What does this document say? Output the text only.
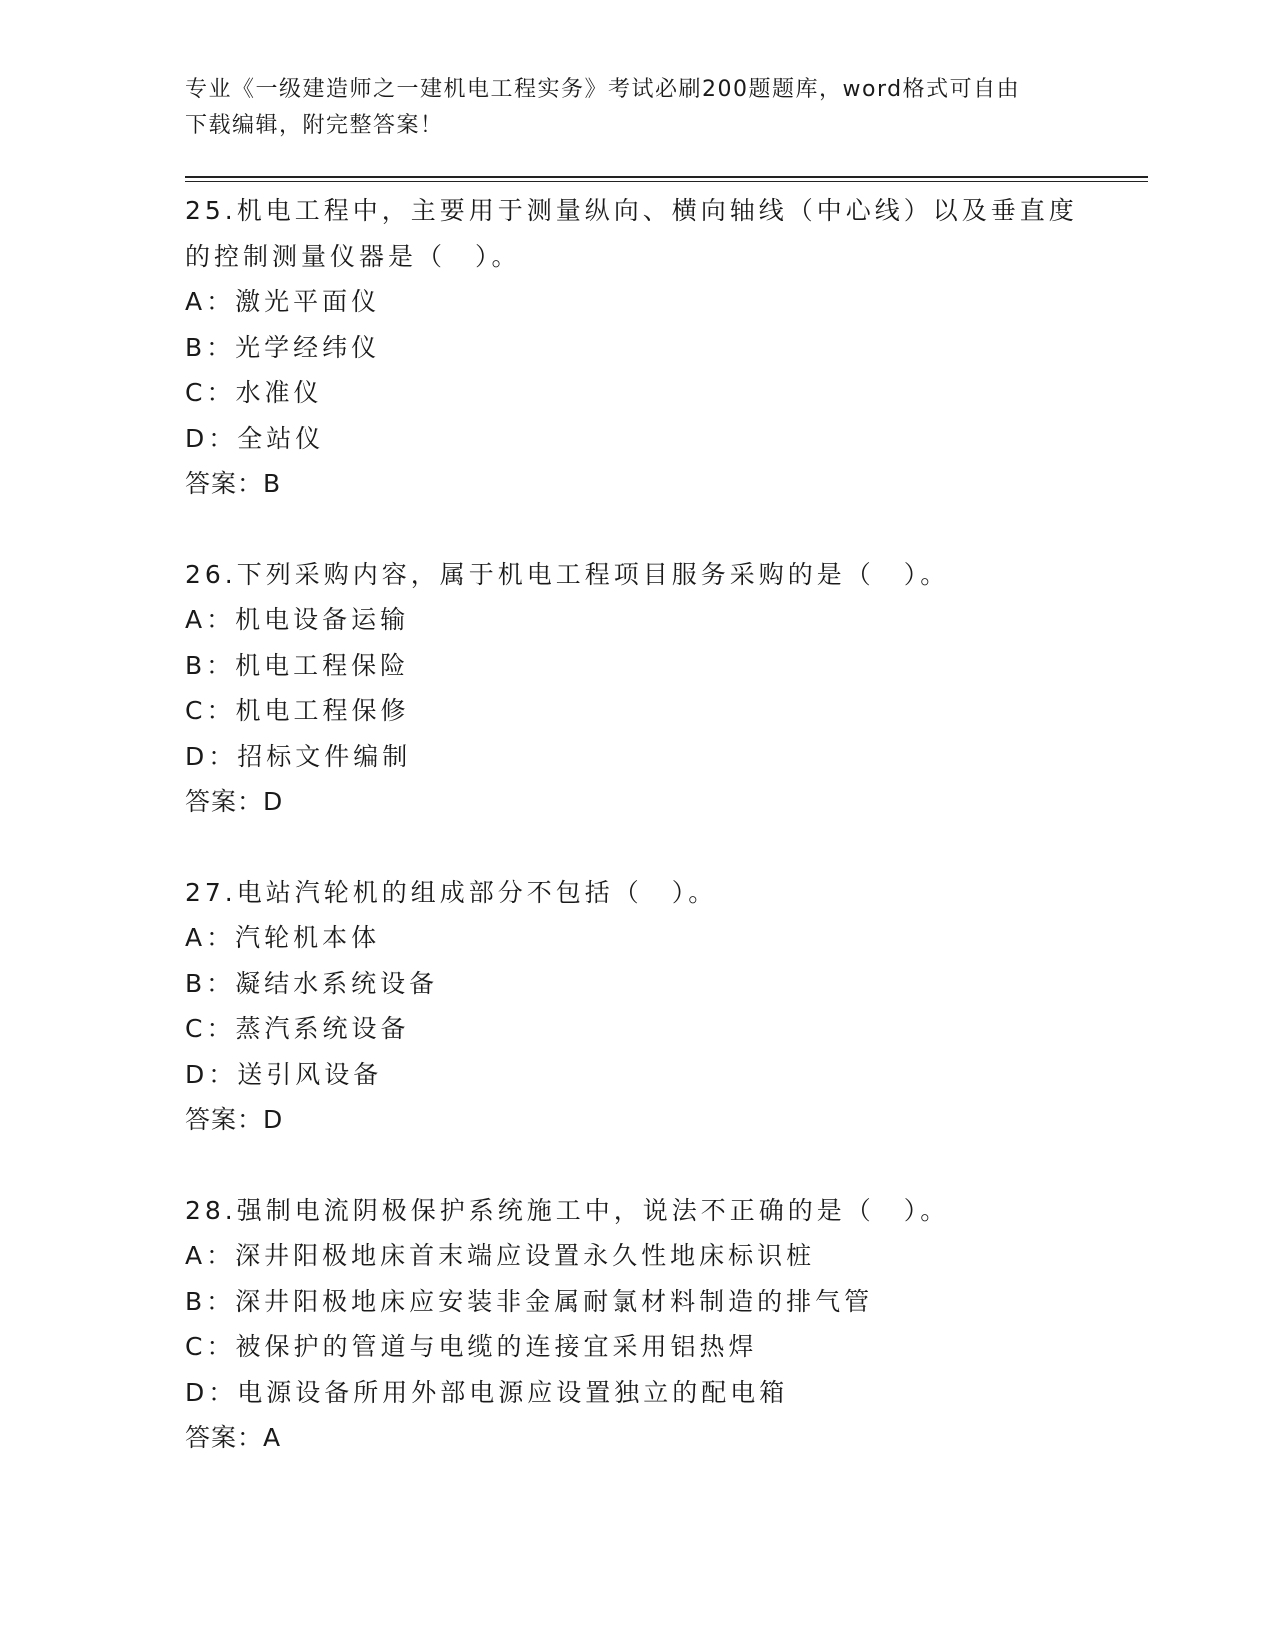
专业《一级建造师之一建机电工程实务》考试必刷200题题库，word格式可自由
下载编辑，附完整答案！
25.机电工程中，主要用于测量纵向、横向轴线（中心线）以及垂直度
的控制测量仪器是（　）。
A：激光平面仪
B：光学经纬仪
C：水准仪
D：全站仪
答案：B
26.下列采购内容，属于机电工程项目服务采购的是（　）。
A：机电设备运输
B：机电工程保险
C：机电工程保修
D：招标文件编制
答案：D
27.电站汽轮机的组成部分不包括（　）。
A：汽轮机本体
B：凝结水系统设备
C：蒸汽系统设备
D：送引风设备
答案：D
28.强制电流阴极保护系统施工中，说法不正确的是（　）。
A：深井阳极地床首末端应设置永久性地床标识桩
B：深井阳极地床应安装非金属耐氯材料制造的排气管
C：被保护的管道与电缆的连接宜采用铝热焊
D：电源设备所用外部电源应设置独立的配电箱
答案：A
